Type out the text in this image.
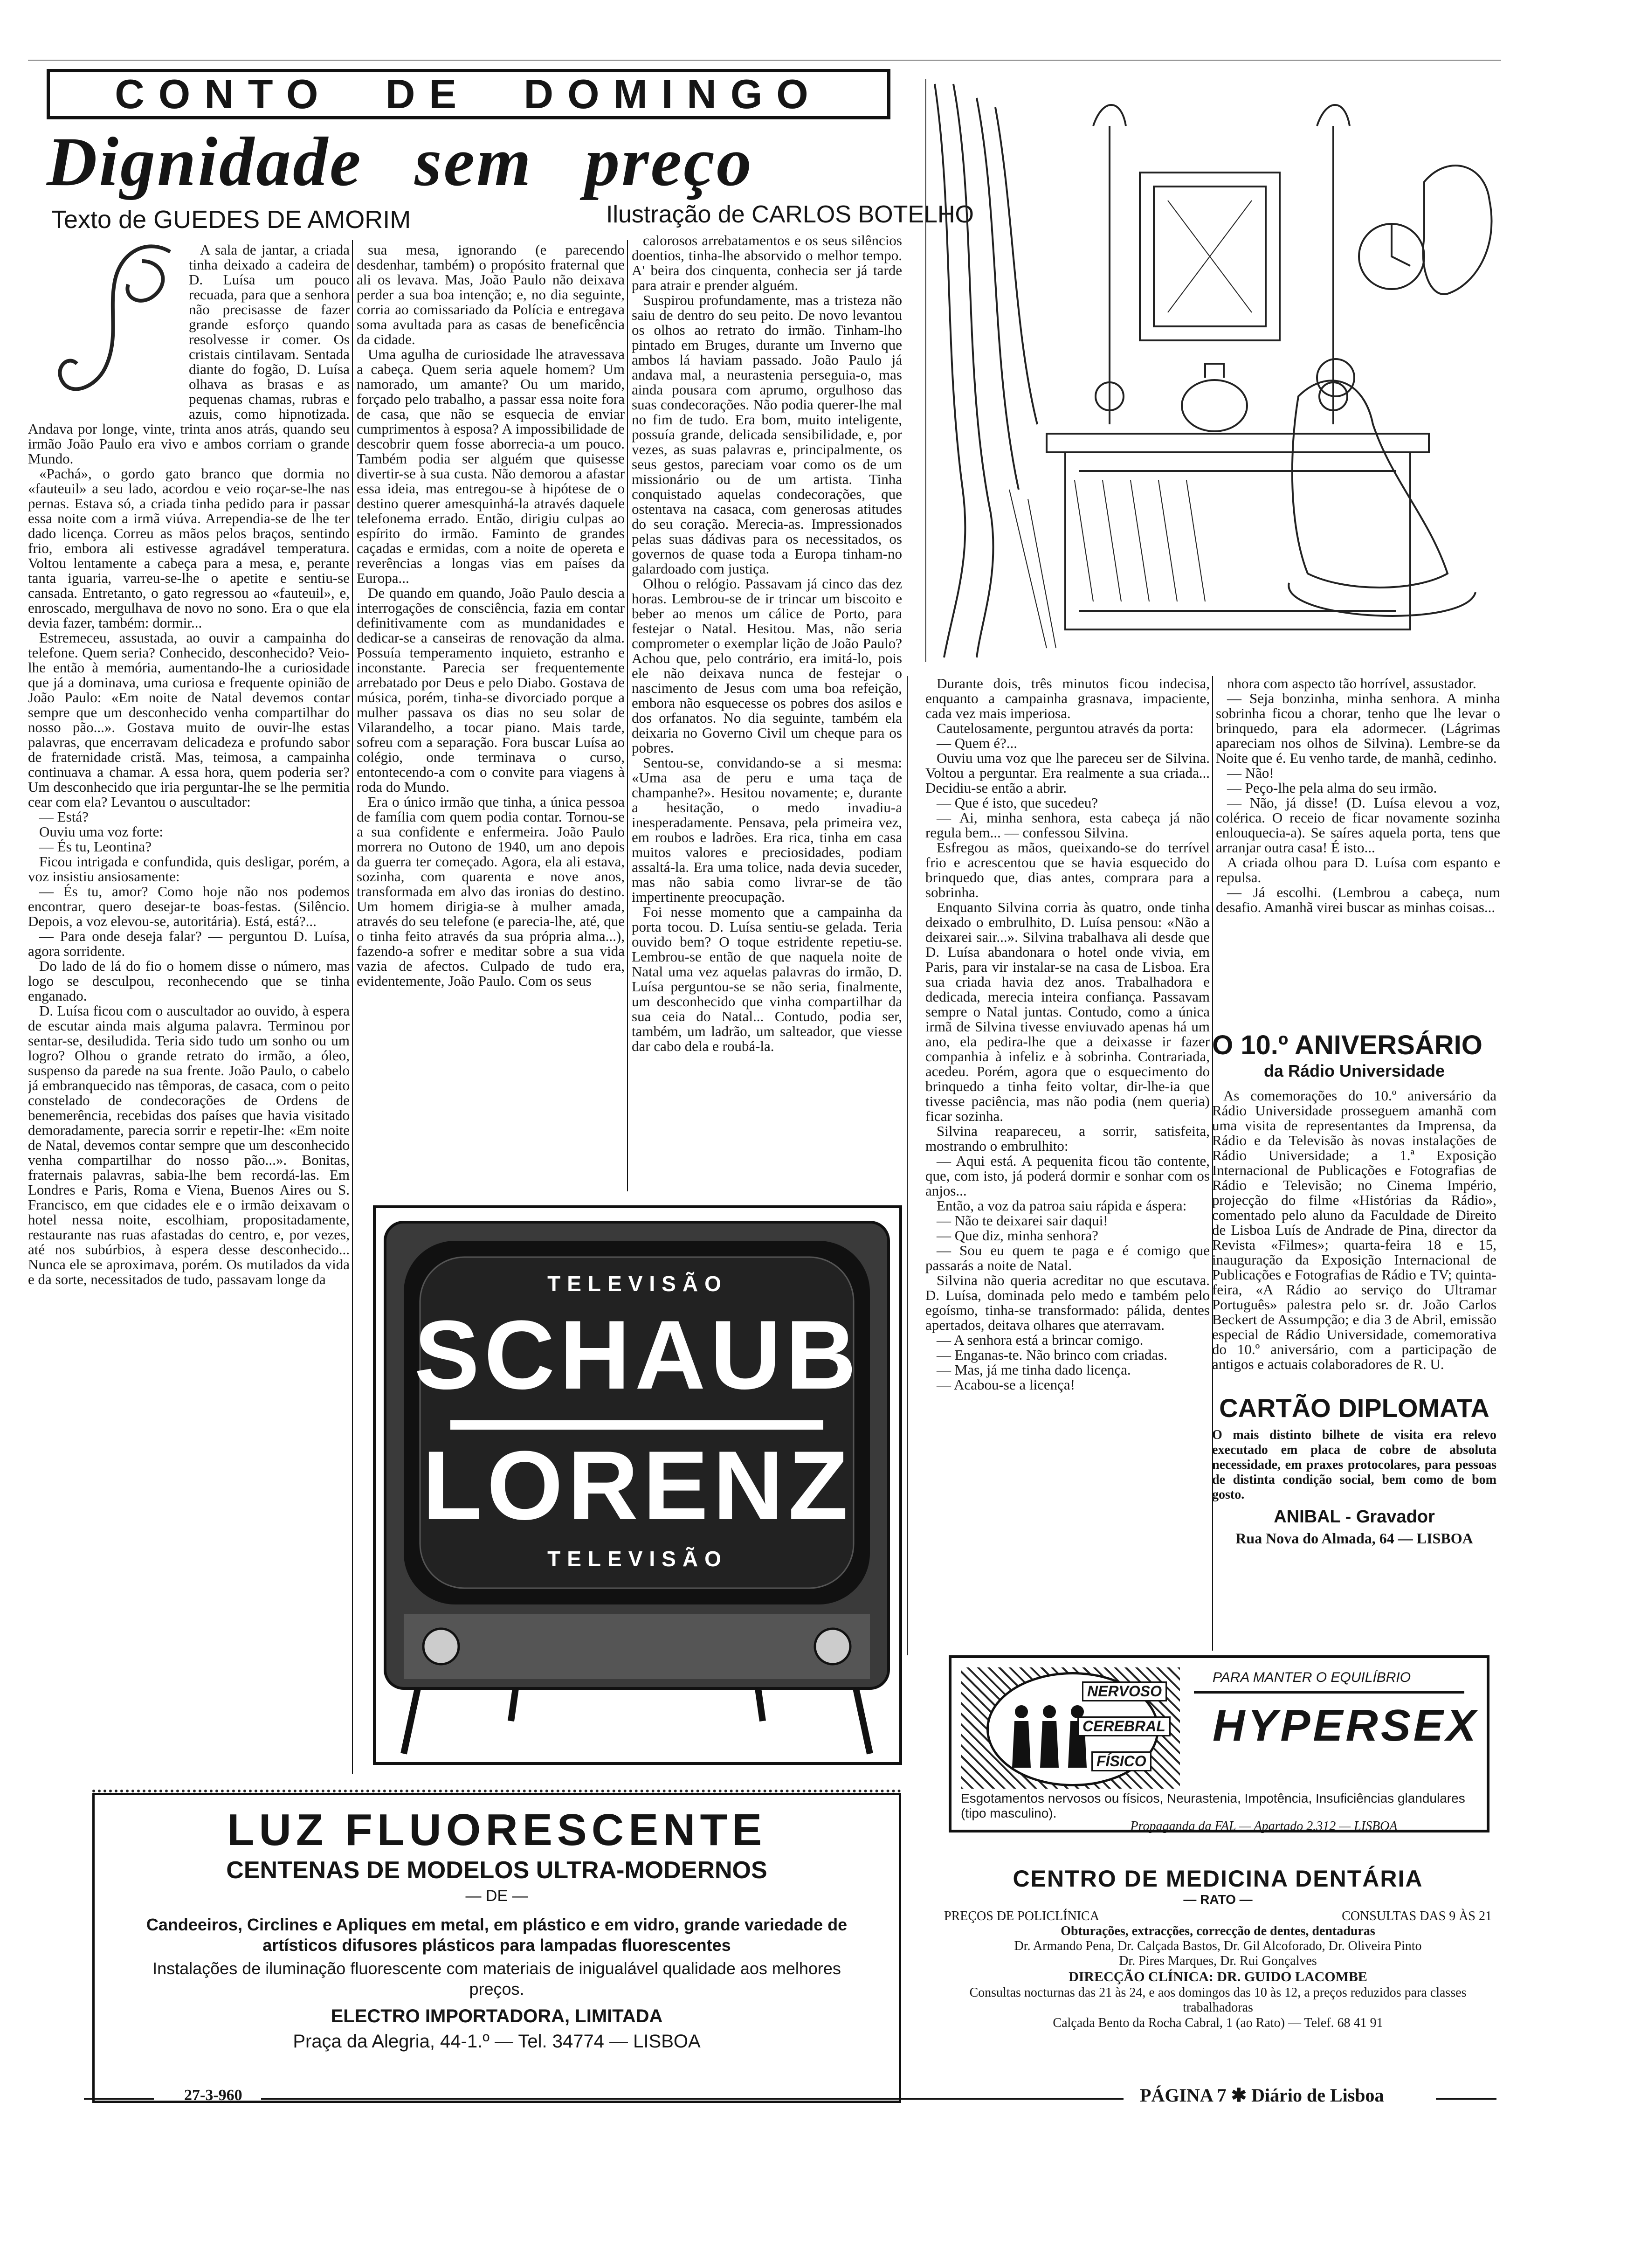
CONTO DE DOMINGO
Dignidade sem preço
Texto de GUEDES DE AMORIM	Ilustração de CARLOS BOTELHO

A sala de jantar, a criada tinha deixado a cadeira de D. Luísa um pouco recuada, para que a senhora não precisasse de fazer grande esforço quando resolvesse ir comer. Os cristais cintilavam. Sentada diante do fogão, D. Luísa olhava as brasas e as pequenas chamas, rubras e azuis, como hipnotizada. Andava por longe, vinte, trinta anos atrás, quando seu irmão João Paulo era vivo e ambos corriam o grande Mundo.

«Pachá», o gordo gato branco que dormia no «fauteuil» a seu lado, acordou e veio roçar-se-lhe nas pernas. Estava só, a criada tinha pedido para ir passar essa noite com a irmã viúva. Arrependia-se de lhe ter dado licença. Correu as mãos pelos braços, sentindo frio, embora ali estivesse agradável temperatura. Voltou lentamente a cabeça para a mesa, e, perante tanta iguaria, varreu-se-lhe o apetite e sentiu-se cansada. Entretanto, o gato regressou ao «fauteuil», e, enroscado, mergulhava de novo no sono. Era o que ela devia fazer, também: dormir...

Estremeceu, assustada, ao ouvir a campainha do telefone. Quem seria? Conhecido, desconhecido? Veio-lhe então à memória, aumentando-lhe a curiosidade que já a dominava, uma curiosa e frequente opinião de João Paulo: «Em noite de Natal devemos contar sempre que um desconhecido venha compartilhar do nosso pão...». Gostava muito de ouvir-lhe estas palavras, que encerravam delicadeza e profundo sabor de fraternidade cristã. Mas, teimosa, a campainha continuava a chamar. A essa hora, quem poderia ser? Um desconhecido que iria perguntar-lhe se lhe permitia cear com ela? Levantou o auscultador:

— Está?

Ouviu uma voz forte:

— És tu, Leontina?

Ficou intrigada e confundida, quis desligar, porém, a voz insistiu ansiosamente:

— És tu, amor? Como hoje não nos podemos encontrar, quero desejar-te boas-festas. (Silêncio. Depois, a voz elevou-se, autoritária). Está, está?...

— Para onde deseja falar? — perguntou D. Luísa, agora sorridente.

Do lado de lá do fio o homem disse o número, mas logo se desculpou, reconhecendo que se tinha enganado.

D. Luísa ficou com o auscultador ao ouvido, à espera de escutar ainda mais alguma palavra. Terminou por sentar-se, desiludida. Teria sido tudo um sonho ou um logro? Olhou o grande retrato do irmão, a óleo, suspenso da parede na sua frente. João Paulo, o cabelo já embranquecido nas têmporas, de casaca, com o peito constelado de condecorações de Ordens de benemerência, recebidas dos países que havia visitado demoradamente, parecia sorrir e repetir-lhe: «Em noite de Natal, devemos contar sempre que um desconhecido venha compartilhar do nosso pão...». Bonitas, fraternais palavras, sabia-lhe bem recordá-las. Em Londres e Paris, Roma e Viena, Buenos Aires ou S. Francisco, em que cidades ele e o irmão deixavam o hotel nessa noite, escolhiam, propositadamente, restaurante nas ruas afastadas do centro, e, por vezes, até nos subúrbios, à espera desse desconhecido... Nunca ele se aproximava, porém. Os mutilados da vida e da sorte, necessitados de tudo, passavam longe da

sua mesa, ignorando (e parecendo desdenhar, também) o propósito fraternal que ali os levava. Mas, João Paulo não deixava perder a sua boa intenção; e, no dia seguinte, corria ao comissariado da Polícia e entregava soma avultada para as casas de beneficência da cidade.

Uma agulha de curiosidade lhe atravessava a cabeça. Quem seria aquele homem? Um namorado, um amante? Ou um marido, forçado pelo trabalho, a passar essa noite fora de casa, que não se esquecia de enviar cumprimentos à esposa? A impossibilidade de descobrir quem fosse aborrecia-a um pouco. Também podia ser alguém que quisesse divertir-se à sua custa. Não demorou a afastar essa ideia, mas entregou-se à hipótese de o destino querer amesquinhá-la através daquele telefonema errado. Então, dirigiu culpas ao espírito do irmão. Faminto de grandes caçadas e ermidas, com a noite de opereta e reverências a longas vias em países da Europa...

De quando em quando, João Paulo descia a interrogações de consciência, fazia em contar definitivamente com as mundanidades e dedicar-se a canseiras de renovação da alma. Possuía temperamento inquieto, estranho e inconstante. Parecia ser frequentemente arrebatado por Deus e pelo Diabo. Gostava de música, porém, tinha-se divorciado porque a mulher passava os dias no seu solar de Vilarandelho, a tocar piano. Mais tarde, sofreu com a separação. Fora buscar Luísa ao colégio, onde terminava o curso, entontecendo-a com o convite para viagens à roda do Mundo.

Era o único irmão que tinha, a única pessoa de família com quem podia contar. Tornou-se a sua confidente e enfermeira. João Paulo morrera no Outono de 1940, um ano depois da guerra ter começado. Agora, ela ali estava, sozinha, com quarenta e nove anos, transformada em alvo das ironias do destino. Um homem dirigia-se à mulher amada, através do seu telefone (e parecia-lhe, até, que o tinha feito através da sua própria alma...), fazendo-a sofrer e meditar sobre a sua vida vazia de afectos. Culpado de tudo era, evidentemente, João Paulo. Com os seus

calorosos arrebatamentos e os seus silêncios doentios, tinha-lhe absorvido o melhor tempo. A' beira dos cinquenta, conhecia ser já tarde para atrair e prender alguém.

Suspirou profundamente, mas a tristeza não saiu de dentro do seu peito. De novo levantou os olhos ao retrato do irmão. Tinham-lho pintado em Bruges, durante um Inverno que ambos lá haviam passado. João Paulo já andava mal, a neurastenia perseguia-o, mas ainda pousara com aprumo, orgulhoso das suas condecorações. Não podia querer-lhe mal no fim de tudo. Era bom, muito inteligente, possuía grande, delicada sensibilidade, e, por vezes, as suas palavras e, principalmente, os seus gestos, pareciam voar como os de um missionário ou de um artista. Tinha conquistado aquelas condecorações, que ostentava na casaca, com generosas atitudes do seu coração. Merecia-as. Impressionados pelas suas dádivas para os necessitados, os governos de quase toda a Europa tinham-no galardoado com justiça.

Olhou o relógio. Passavam já cinco das dez horas. Lembrou-se de ir trincar um biscoito e beber ao menos um cálice de Porto, para festejar o Natal. Hesitou. Mas, não seria comprometer o exemplar lição de João Paulo? Achou que, pelo contrário, era imitá-lo, pois ele não deixava nunca de festejar o nascimento de Jesus com uma boa refeição, embora não esquecesse os pobres dos asilos e dos orfanatos. No dia seguinte, também ela deixaria no Governo Civil um cheque para os pobres.

Sentou-se, convidando-se a si mesma: «Uma asa de peru e uma taça de champanhe?». Hesitou novamente; e, durante a hesitação, o medo invadiu-a inesperadamente. Pensava, pela primeira vez, em roubos e ladrões. Era rica, tinha em casa muitos valores e preciosidades, podiam assaltá-la. Era uma tolice, nada devia suceder, mas não sabia como livrar-se de tão impertinente preocupação.

Foi nesse momento que a campainha da porta tocou. D. Luísa sentiu-se gelada. Teria ouvido bem? O toque estridente repetiu-se. Lembrou-se então de que naquela noite de Natal uma vez aquelas palavras do irmão, D. Luísa perguntou-se se não seria, finalmente, um desconhecido que vinha compartilhar da sua ceia do Natal... Contudo, podia ser, também, um ladrão, um salteador, que viesse dar cabo dela e roubá-la.

Durante dois, três minutos ficou indecisa, enquanto a campainha grasnava, impaciente, cada vez mais imperiosa.

Cautelosamente, perguntou através da porta:

— Quem é?...

Ouviu uma voz que lhe pareceu ser de Silvina. Voltou a perguntar. Era realmente a sua criada... Decidiu-se então a abrir.

— Que é isto, que sucedeu?

— Ai, minha senhora, esta cabeça já não regula bem... — confessou Silvina.

Esfregou as mãos, queixando-se do terrível frio e acrescentou que se havia esquecido do brinquedo que, dias antes, comprara para a sobrinha.

Enquanto Silvina corria às quatro, onde tinha deixado o embrulhito, D. Luísa pensou: «Não a deixarei sair...». Silvina trabalhava ali desde que D. Luísa abandonara o hotel onde vivia, em Paris, para vir instalar-se na casa de Lisboa. Era sua criada havia dez anos. Trabalhadora e dedicada, merecia inteira confiança. Passavam sempre o Natal juntas. Contudo, como a única irmã de Silvina tivesse enviuvado apenas há um ano, ela pedira-lhe que a deixasse ir fazer companhia à infeliz e à sobrinha. Contrariada, acedeu. Porém, agora que o esquecimento do brinquedo a tinha feito voltar, dir-lhe-ia que tivesse paciência, mas não podia (nem queria) ficar sozinha.

Silvina reapareceu, a sorrir, satisfeita, mostrando o embrulhito:

— Aqui está. A pequenita ficou tão contente, que, com isto, já poderá dormir e sonhar com os anjos...

Então, a voz da patroa saiu rápida e áspera:

— Não te deixarei sair daqui!

— Que diz, minha senhora?

— Sou eu quem te paga e é comigo que passarás a noite de Natal.

Silvina não queria acreditar no que escutava. D. Luísa, dominada pelo medo e também pelo egoísmo, tinha-se transformado: pálida, dentes apertados, deitava olhares que aterravam.

— A senhora está a brincar comigo.

— Enganas-te. Não brinco com criadas.

— Mas, já me tinha dado licença.

— Acabou-se a licença!

nhora com aspecto tão horrível, assustador.

— Seja bonzinha, minha senhora. A minha sobrinha ficou a chorar, tenho que lhe levar o brinquedo, para ela adormecer. (Lágrimas apareciam nos olhos de Silvina). Lembre-se da Noite que é. Eu venho tarde, de manhã, cedinho.

— Não!

— Peço-lhe pela alma do seu irmão.

— Não, já disse! (D. Luísa elevou a voz, colérica. O receio de ficar novamente sozinha enlouquecia-a). Se saíres aquela porta, tens que arranjar outra casa! É isto...

A criada olhou para D. Luísa com espanto e repulsa.

— Já escolhi. (Lembrou a cabeça, num desafio. Amanhã virei buscar as minhas coisas...

O 10.º ANIVERSÁRIO
da Rádio Universidade
As comemorações do 10.º aniversário da Rádio Universidade prosseguem amanhã com uma visita de representantes da Imprensa, da Rádio e da Televisão às novas instalações de Rádio Universidade; a 1.ª Exposição Internacional de Publicações e Fotografias de Rádio e Televisão; no Cinema Império, projecção do filme «Histórias da Rádio», comentado pelo aluno da Faculdade de Direito de Lisboa Luís de Andrade de Pina, director da Revista «Filmes»; quarta-feira 18 e 15, inauguração da Exposição Internacional de Publicações e Fotografias de Rádio e TV; quinta-feira, «A Rádio ao serviço do Ultramar Português» palestra pelo sr. dr. João Carlos Beckert de Assumpção; e dia 3 de Abril, emissão especial de Rádio Universidade, comemorativa do 10.º aniversário, com a participação de antigos e actuais colaboradores de R. U.
CARTÃO DIPLOMATA
O mais distinto bilhete de visita era relevo executado em placa de cobre de absoluta necessidade, em praxes protocolares, para pessoas de distinta condição social, bem como de bom gosto.
ANIBAL - Gravador
Rua Nova do Almada, 64 — LISBOA
TELEVISÃO
SCHAUB
LORENZ
TELEVISÃO
NERVOSO
CEREBRAL
FÍSICO
PARA MANTER O EQUILÍBRIO
HYPERSEX
Esgotamentos nervosos ou físicos, Neurastenia, Impotência, Insuficiências glandulares (tipo masculino).
Propaganda da FAL — Apartado 2.312 — LISBOA
CENTRO DE MEDICINA DENTÁRIA
— RATO —
PREÇOS DE POLICLÍNICA	CONSULTAS DAS 9 ÀS 21
Obturações, extracções, correcção de dentes, dentaduras
Dr. Armando Pena, Dr. Calçada Bastos, Dr. Gil Alcoforado, Dr. Oliveira Pinto
Dr. Pires Marques, Dr. Rui Gonçalves
DIRECÇÃO CLÍNICA: DR. GUIDO LACOMBE
Consultas nocturnas das 21 às 24, e aos domingos das 10 às 12, a preços reduzidos para classes trabalhadoras
Calçada Bento da Rocha Cabral, 1 (ao Rato) — Telef. 68 41 91
LUZ FLUORESCENTE
CENTENAS DE MODELOS ULTRA-MODERNOS
— DE —
Candeeiros, Circlines e Apliques em metal, em plástico e em vidro, grande variedade de artísticos difusores plásticos para lampadas fluorescentes
Instalações de iluminação fluorescente com materiais de inigualável qualidade aos melhores preços.
ELECTRO IMPORTADORA, LIMITADA
Praça da Alegria, 44-1.º — Tel. 34774 — LISBOA
27-3-960	PÁGINA 7 ✱ Diário de Lisboa
